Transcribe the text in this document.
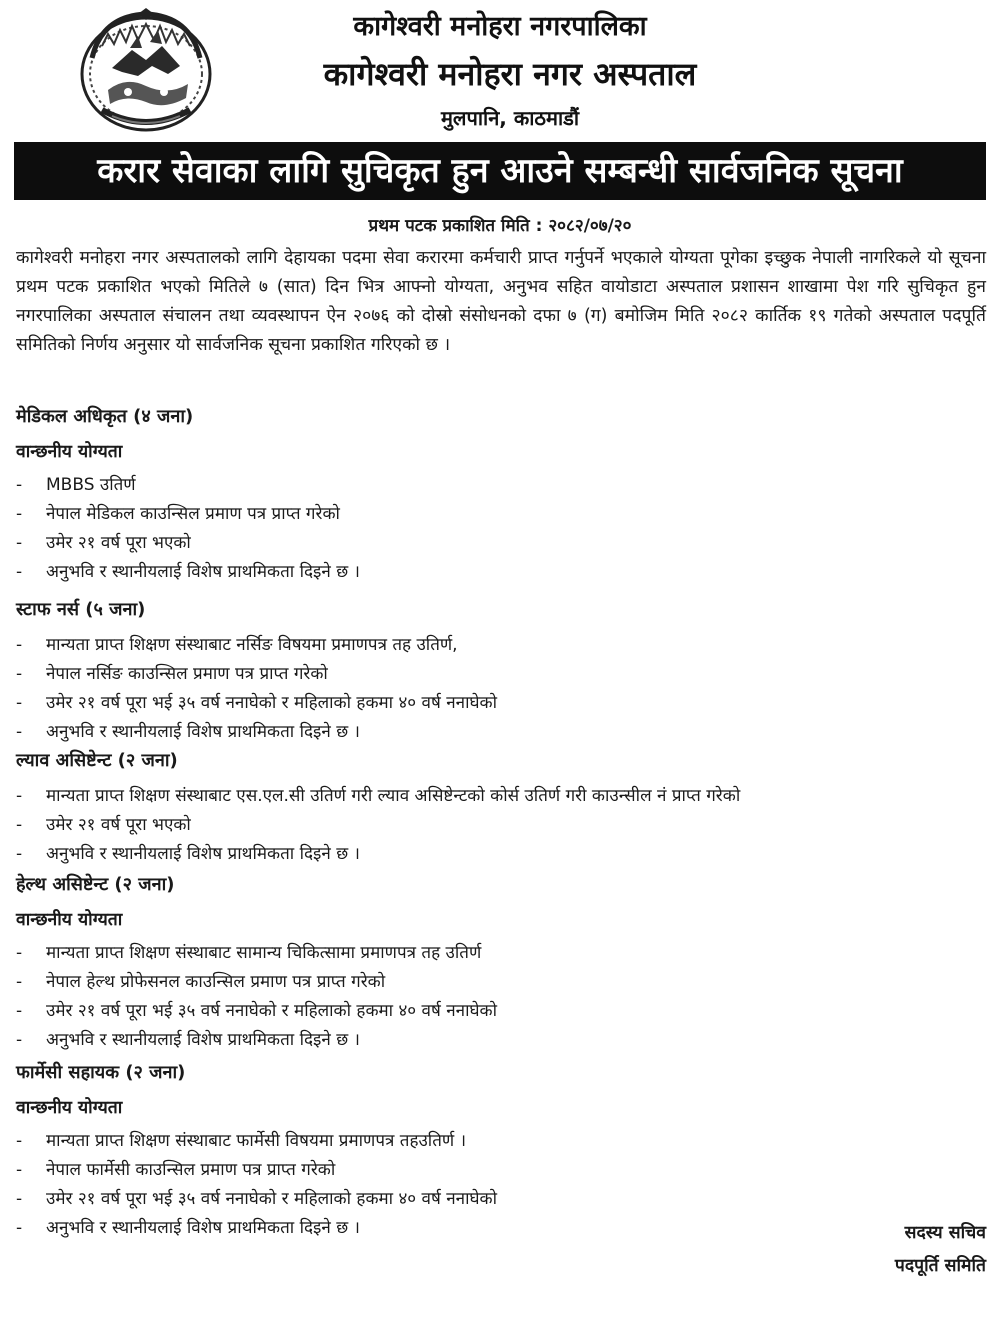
कागेश्वरी मनोहरा नगरपालिका
कागेश्वरी मनोहरा नगर अस्पताल
मुलपानि, काठमाडौं
करार सेवाका लागि सुचिकृत हुन आउने सम्बन्धी सार्वजनिक सूचना
प्रथम पटक प्रकाशित मिति : २०८२/०७/२०
कागेश्वरी मनोहरा नगर अस्पतालको लागि देहायका पदमा सेवा करारमा कर्मचारी प्राप्त गर्नुपर्ने भएकाले योग्यता पूगेका इच्छुक नेपाली नागरिकले यो सूचना प्रथम पटक प्रकाशित भएको मितिले ७ (सात) दिन भित्र आफ्नो योग्यता, अनुभव सहित वायोडाटा अस्पताल प्रशासन शाखामा पेश गरि सुचिकृत हुन नगरपालिका अस्पताल संचालन तथा व्यवस्थापन ऐन २०७६ को दोस्रो संसोधनको दफा ७ (ग) बमोजिम मिति २०८२ कार्तिक १९ गतेको अस्पताल पदपूर्ति समितिको निर्णय अनुसार यो सार्वजनिक सूचना प्रकाशित गरिएको छ ।
मेडिकल अधिकृत (४ जना)
वान्छनीय योग्यता
- MBBS उतिर्ण
- नेपाल मेडिकल काउन्सिल प्रमाण पत्र प्राप्त गरेको
- उमेर २१ वर्ष पूरा भएको
- अनुभवि र स्थानीयलाई विशेष प्राथमिकता दिइने छ ।
स्टाफ नर्स (५ जना)
- मान्यता प्राप्त शिक्षण संस्थाबाट नर्सिङ विषयमा प्रमाणपत्र तह उतिर्ण,
- नेपाल नर्सिङ काउन्सिल प्रमाण पत्र प्राप्त गरेको
- उमेर २१ वर्ष पूरा भई ३५ वर्ष ननाघेको र महिलाको हकमा ४० वर्ष ननाघेको
- अनुभवि र स्थानीयलाई विशेष प्राथमिकता दिइने छ ।
ल्याव असिष्टेन्ट (२ जना)
- मान्यता प्राप्त शिक्षण संस्थाबाट एस.एल.सी उतिर्ण गरी ल्याव असिष्टेन्टको कोर्स उतिर्ण गरी काउन्सील नं प्राप्त गरेको
- उमेर २१ वर्ष पूरा भएको
- अनुभवि र स्थानीयलाई विशेष प्राथमिकता दिइने छ ।
हेल्थ असिष्टेन्ट (२ जना)
वान्छनीय योग्यता
- मान्यता प्राप्त शिक्षण संस्थाबाट सामान्य चिकित्सामा प्रमाणपत्र तह उतिर्ण
- नेपाल हेल्थ प्रोफेसनल काउन्सिल प्रमाण पत्र प्राप्त गरेको
- उमेर २१ वर्ष पूरा भई ३५ वर्ष ननाघेको र महिलाको हकमा ४० वर्ष ननाघेको
- अनुभवि र स्थानीयलाई विशेष प्राथमिकता दिइने छ ।
फार्मेसी सहायक (२ जना)
वान्छनीय योग्यता
- मान्यता प्राप्त शिक्षण संस्थाबाट फार्मेसी विषयमा प्रमाणपत्र तहउतिर्ण ।
- नेपाल फार्मेसी काउन्सिल प्रमाण पत्र प्राप्त गरेको
- उमेर २१ वर्ष पूरा भई ३५ वर्ष ननाघेको र महिलाको हकमा ४० वर्ष ननाघेको
- अनुभवि र स्थानीयलाई विशेष प्राथमिकता दिइने छ ।	सदस्य सचिव
पदपूर्ति समिति
